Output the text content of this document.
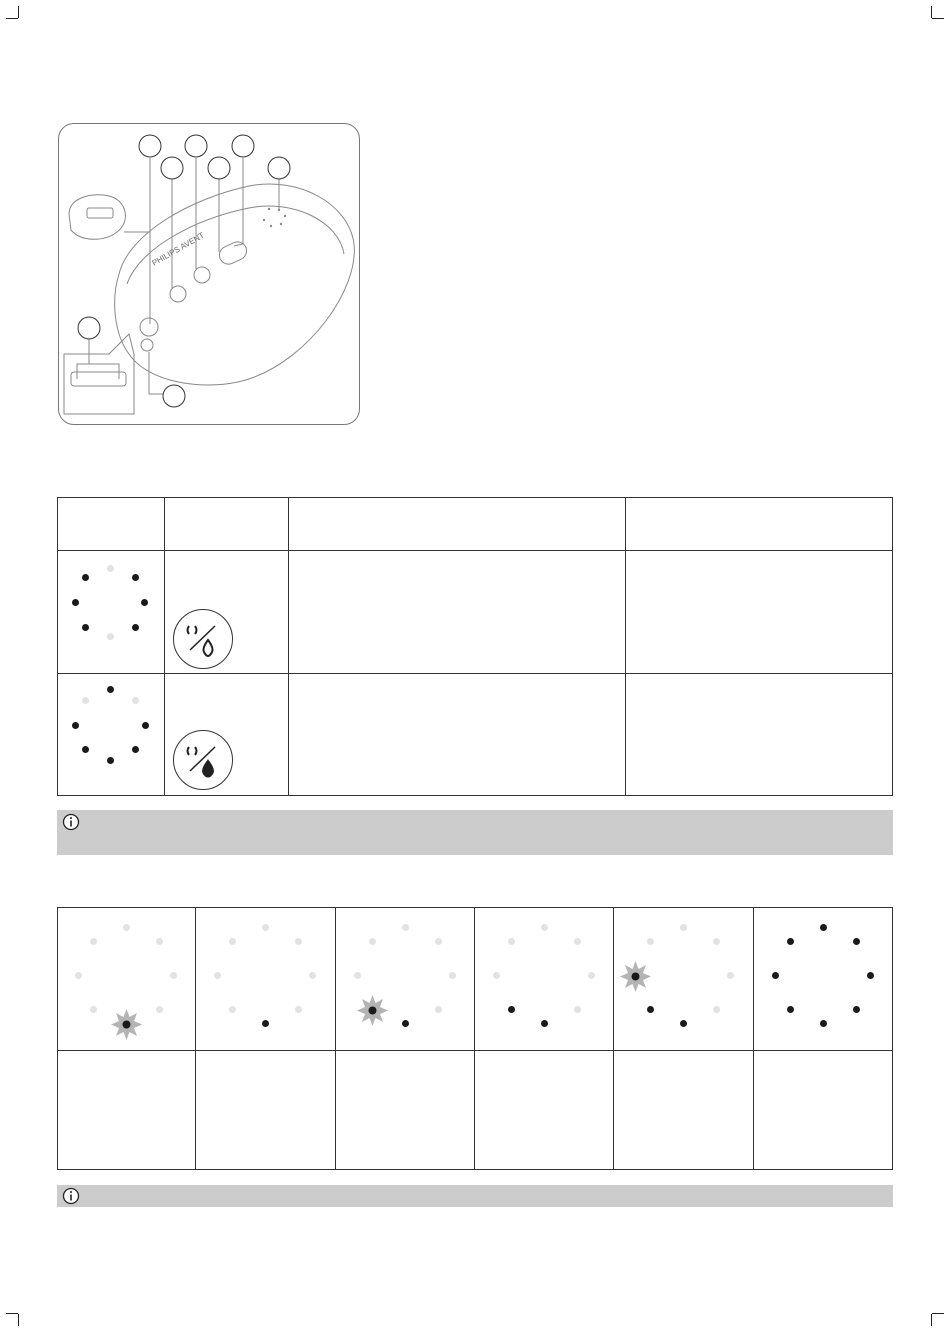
PHILIPS AVENT
